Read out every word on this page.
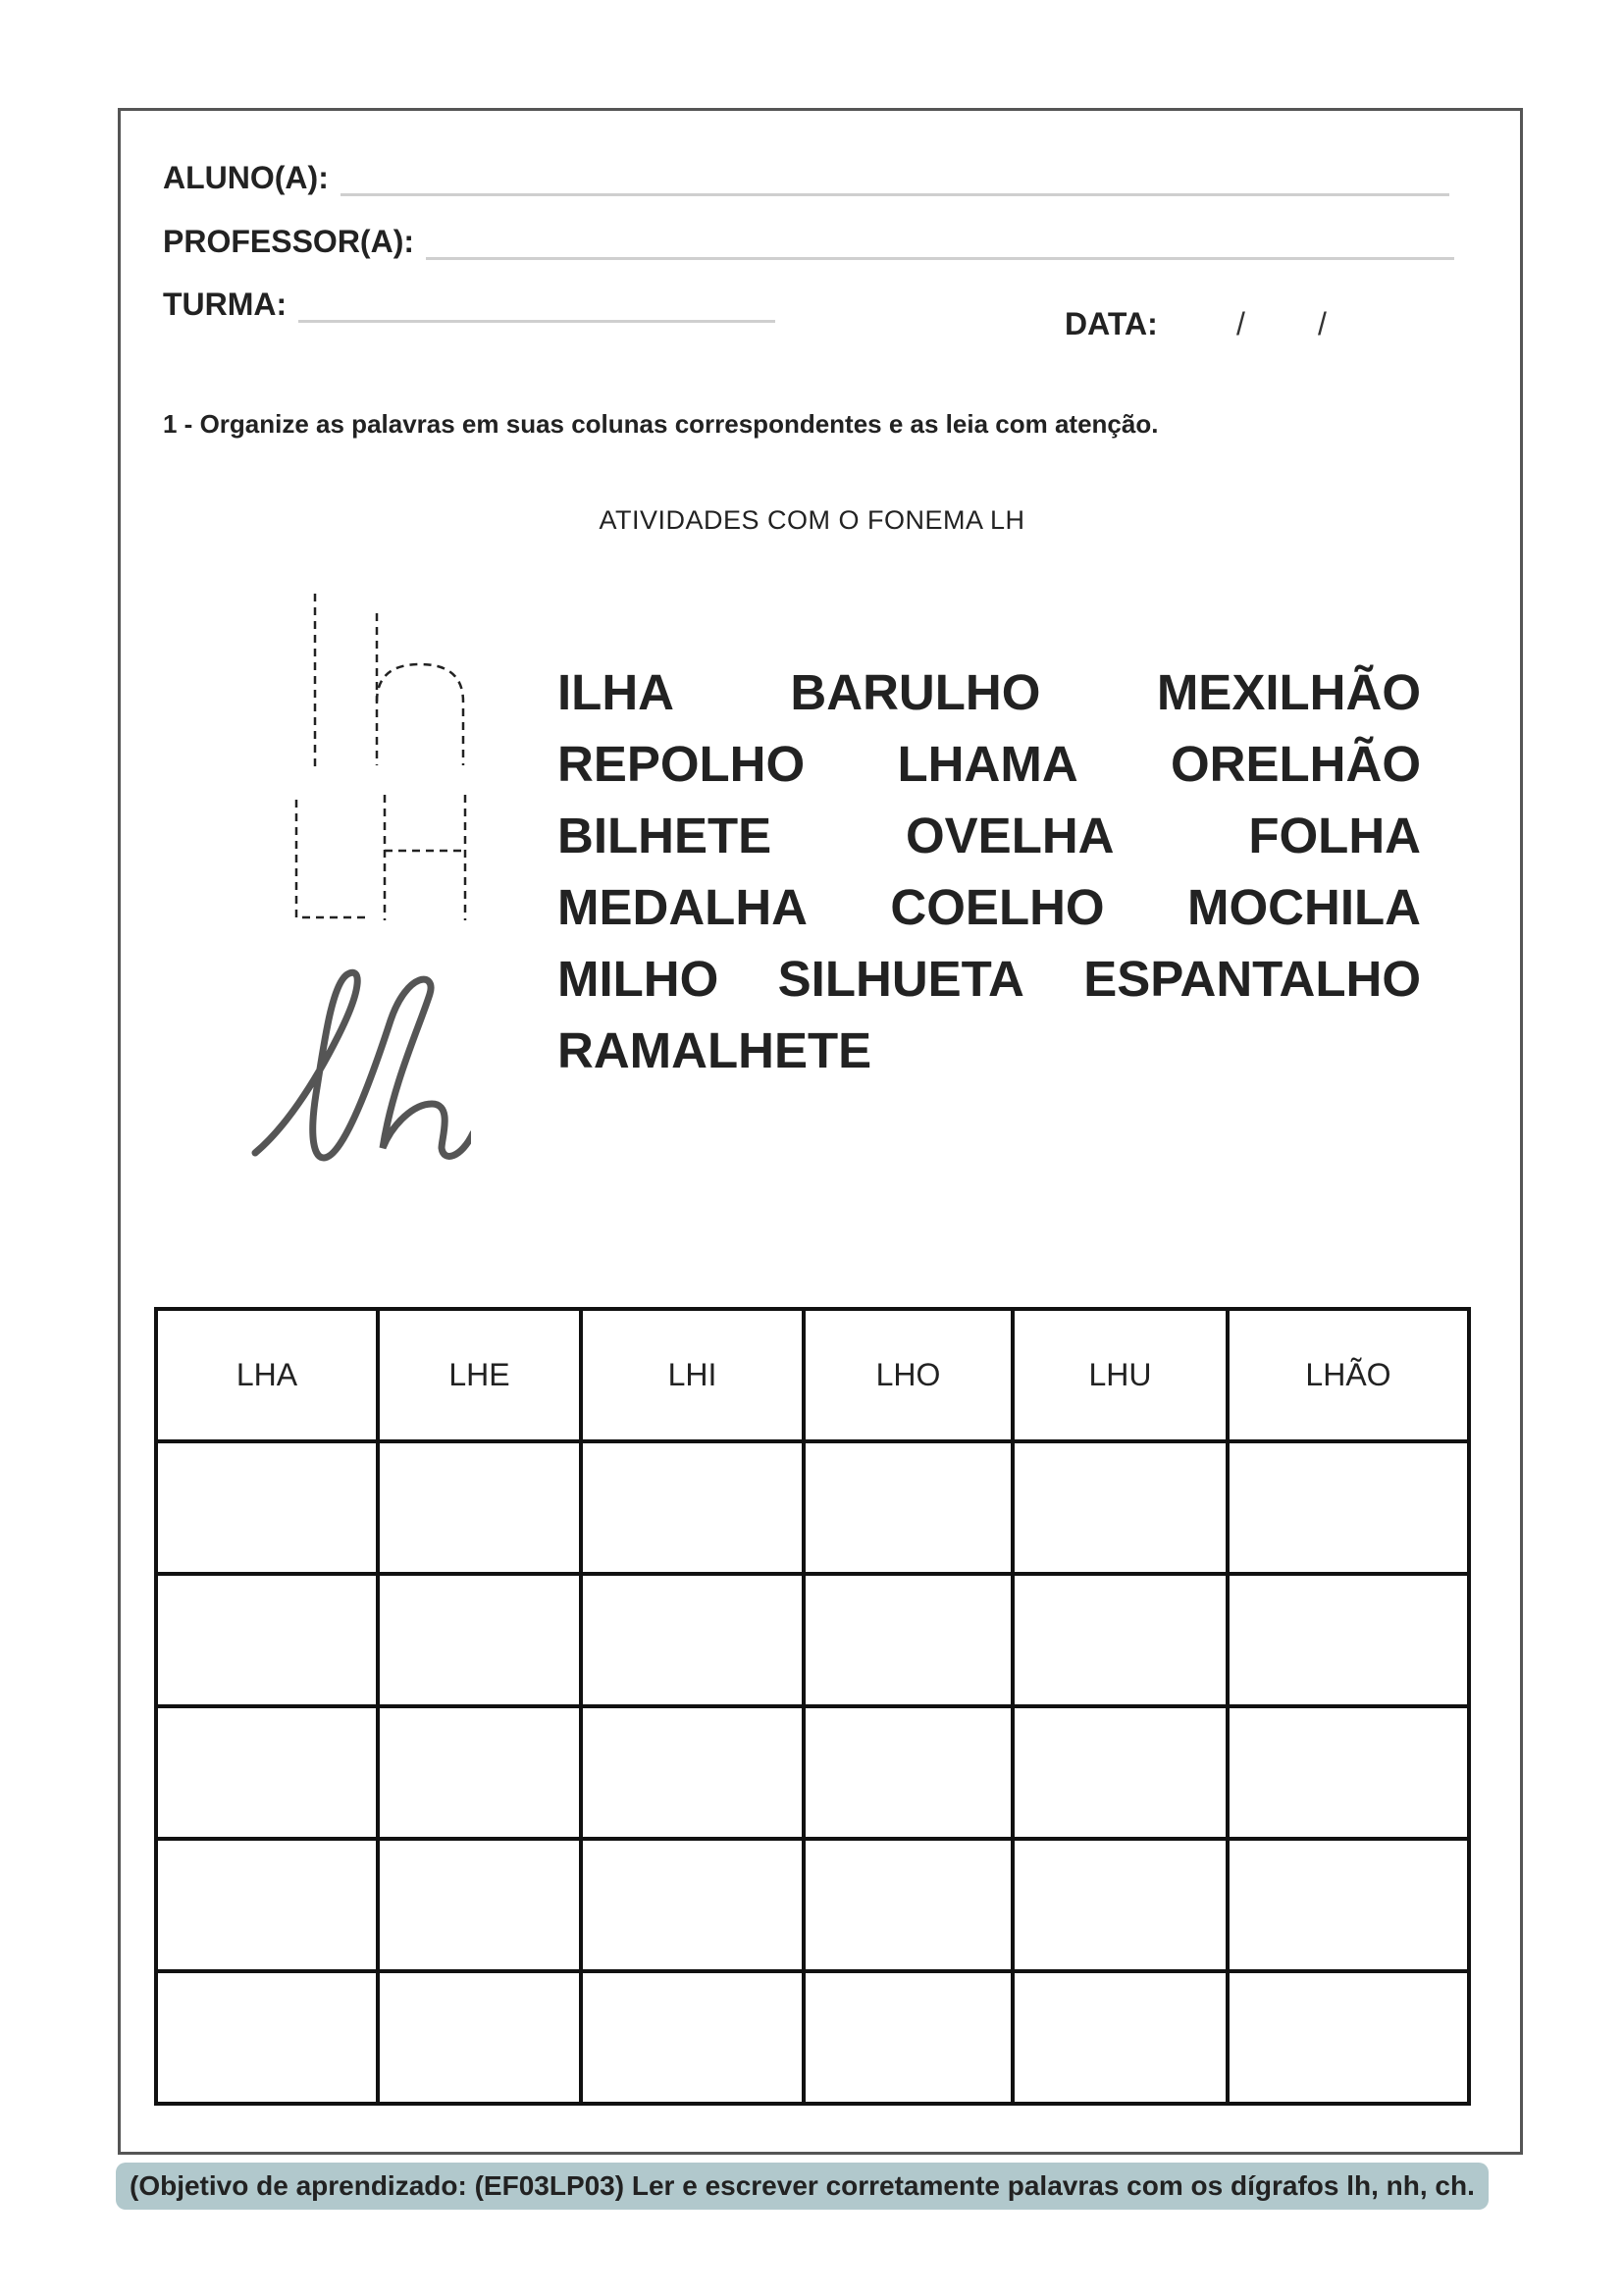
ALUNO(A):
PROFESSOR(A):
TURMA:
DATA:	/ /
1 - Organize as palavras em suas colunas correspondentes e as leia com atenção.
ATIVIDADES COM O FONEMA LH
ILHA BARULHO MEXILHÃO
REPOLHO LHAMA ORELHÃO
BILHETE	OVELHA	FOLHA
MEDALHA COELHO MOCHILA
MILHO SILHUETA ESPANTALHO
RAMALHETE
LHA	LHE	LHI	LHO	LHU	LHÃO

(Objetivo de aprendizado: (EF03LP03) Ler e escrever corretamente palavras com os dígrafos lh, nh, ch.
